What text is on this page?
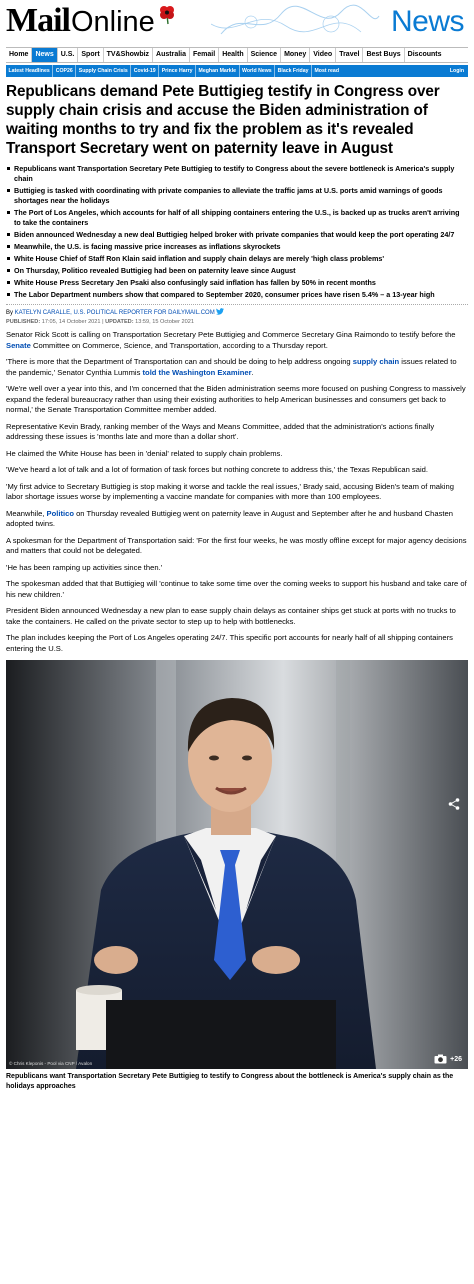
Mail Online	News
Home	News	U.S.	Sport	TV&Showbiz	Australia	Femail	Health	Science	Money	Video	Travel	Best Buys	Discounts
Latest Headlines	COP26	Supply Chain Crisis	Covid-19	Prince Harry	Meghan Markle	World News	Black Friday	Most read	Login
Republicans demand Pete Buttigieg testify in Congress over supply chain crisis and accuse the Biden administration of waiting months to try and fix the problem as it's revealed Transport Secretary went on paternity leave in August
Republicans want Transportation Secretary Pete Buttigieg to testify to Congress about the severe bottleneck is America's supply chain
Buttigieg is tasked with coordinating with private companies to alleviate the traffic jams at U.S. ports amid warnings of goods shortages near the holidays
The Port of Los Angeles, which accounts for half of all shipping containers entering the U.S., is backed up as trucks aren't arriving to take the containers
Biden announced Wednesday a new deal Buttigieg helped broker with private companies that would keep the port operating 24/7
Meanwhile, the U.S. is facing massive price increases as inflations skyrockets
White House Chief of Staff Ron Klain said inflation and supply chain delays are merely 'high class problems'
On Thursday, Politico revealed Buttigieg had been on paternity leave since August
White House Press Secretary Jen Psaki also confusingly said inflation has fallen by 50% in recent months
The Labor Department numbers show that compared to September 2020, consumer prices have risen 5.4% – a 13-year high
By KATELYN CARALLE, U.S. POLITICAL REPORTER FOR DAILYMAIL.COM
PUBLISHED: 17:05, 14 October 2021 | UPDATED: 13:59, 15 October 2021

Senator Rick Scott is calling on Transportation Secretary Pete Buttigieg and Commerce Secretary Gina Raimondo to testify before the Senate Committee on Commerce, Science, and Transportation, according to a Thursday report.

'There is more that the Department of Transportation can and should be doing to help address ongoing supply chain issues related to the pandemic,' Senator Cynthia Lummis told the Washington Examiner.

'We're well over a year into this, and I'm concerned that the Biden administration seems more focused on pushing Congress to massively expand the federal bureaucracy rather than using their existing authorities to help American businesses and consumers get back to normal,' the Senate Transportation Committee member added.

Representative Kevin Brady, ranking member of the Ways and Means Committee, added that the administration's actions finally addressing these issues is 'months late and more than a dollar short'.

He claimed the White House has been in 'denial' related to supply chain problems.

'We've heard a lot of talk and a lot of formation of task forces but nothing concrete to address this,' the Texas Republican said.

'My first advice to Secretary Buttigieg is stop making it worse and tackle the real issues,' Brady said, accusing Biden's team of making labor shortage issues worse by implementing a vaccine mandate for companies with more than 100 employees.

Meanwhile, Politico on Thursday revealed Buttigieg went on paternity leave in August and September after he and husband Chasten adopted twins.

A spokesman for the Department of Transportation said: 'For the first four weeks, he was mostly offline except for major agency decisions and matters that could not be delegated.

'He has been ramping up activities since then.'

The spokesman added that that Buttigieg will 'continue to take some time over the coming weeks to support his husband and take care of his new children.'

President Biden announced Wednesday a new plan to ease supply chain delays as container ships get stuck at ports with no trucks to take the containers. He called on the private sector to step up to help with bottlenecks.

The plan includes keeping the Port of Los Angeles operating 24/7. This specific port accounts for nearly half of all shipping containers entering the U.S.

© Chris Kleponis - Pool via CNP / Avalon
+26
Republicans want Transportation Secretary Pete Buttigieg to testify to Congress about the bottleneck is America's supply chain as the holidays approaches
